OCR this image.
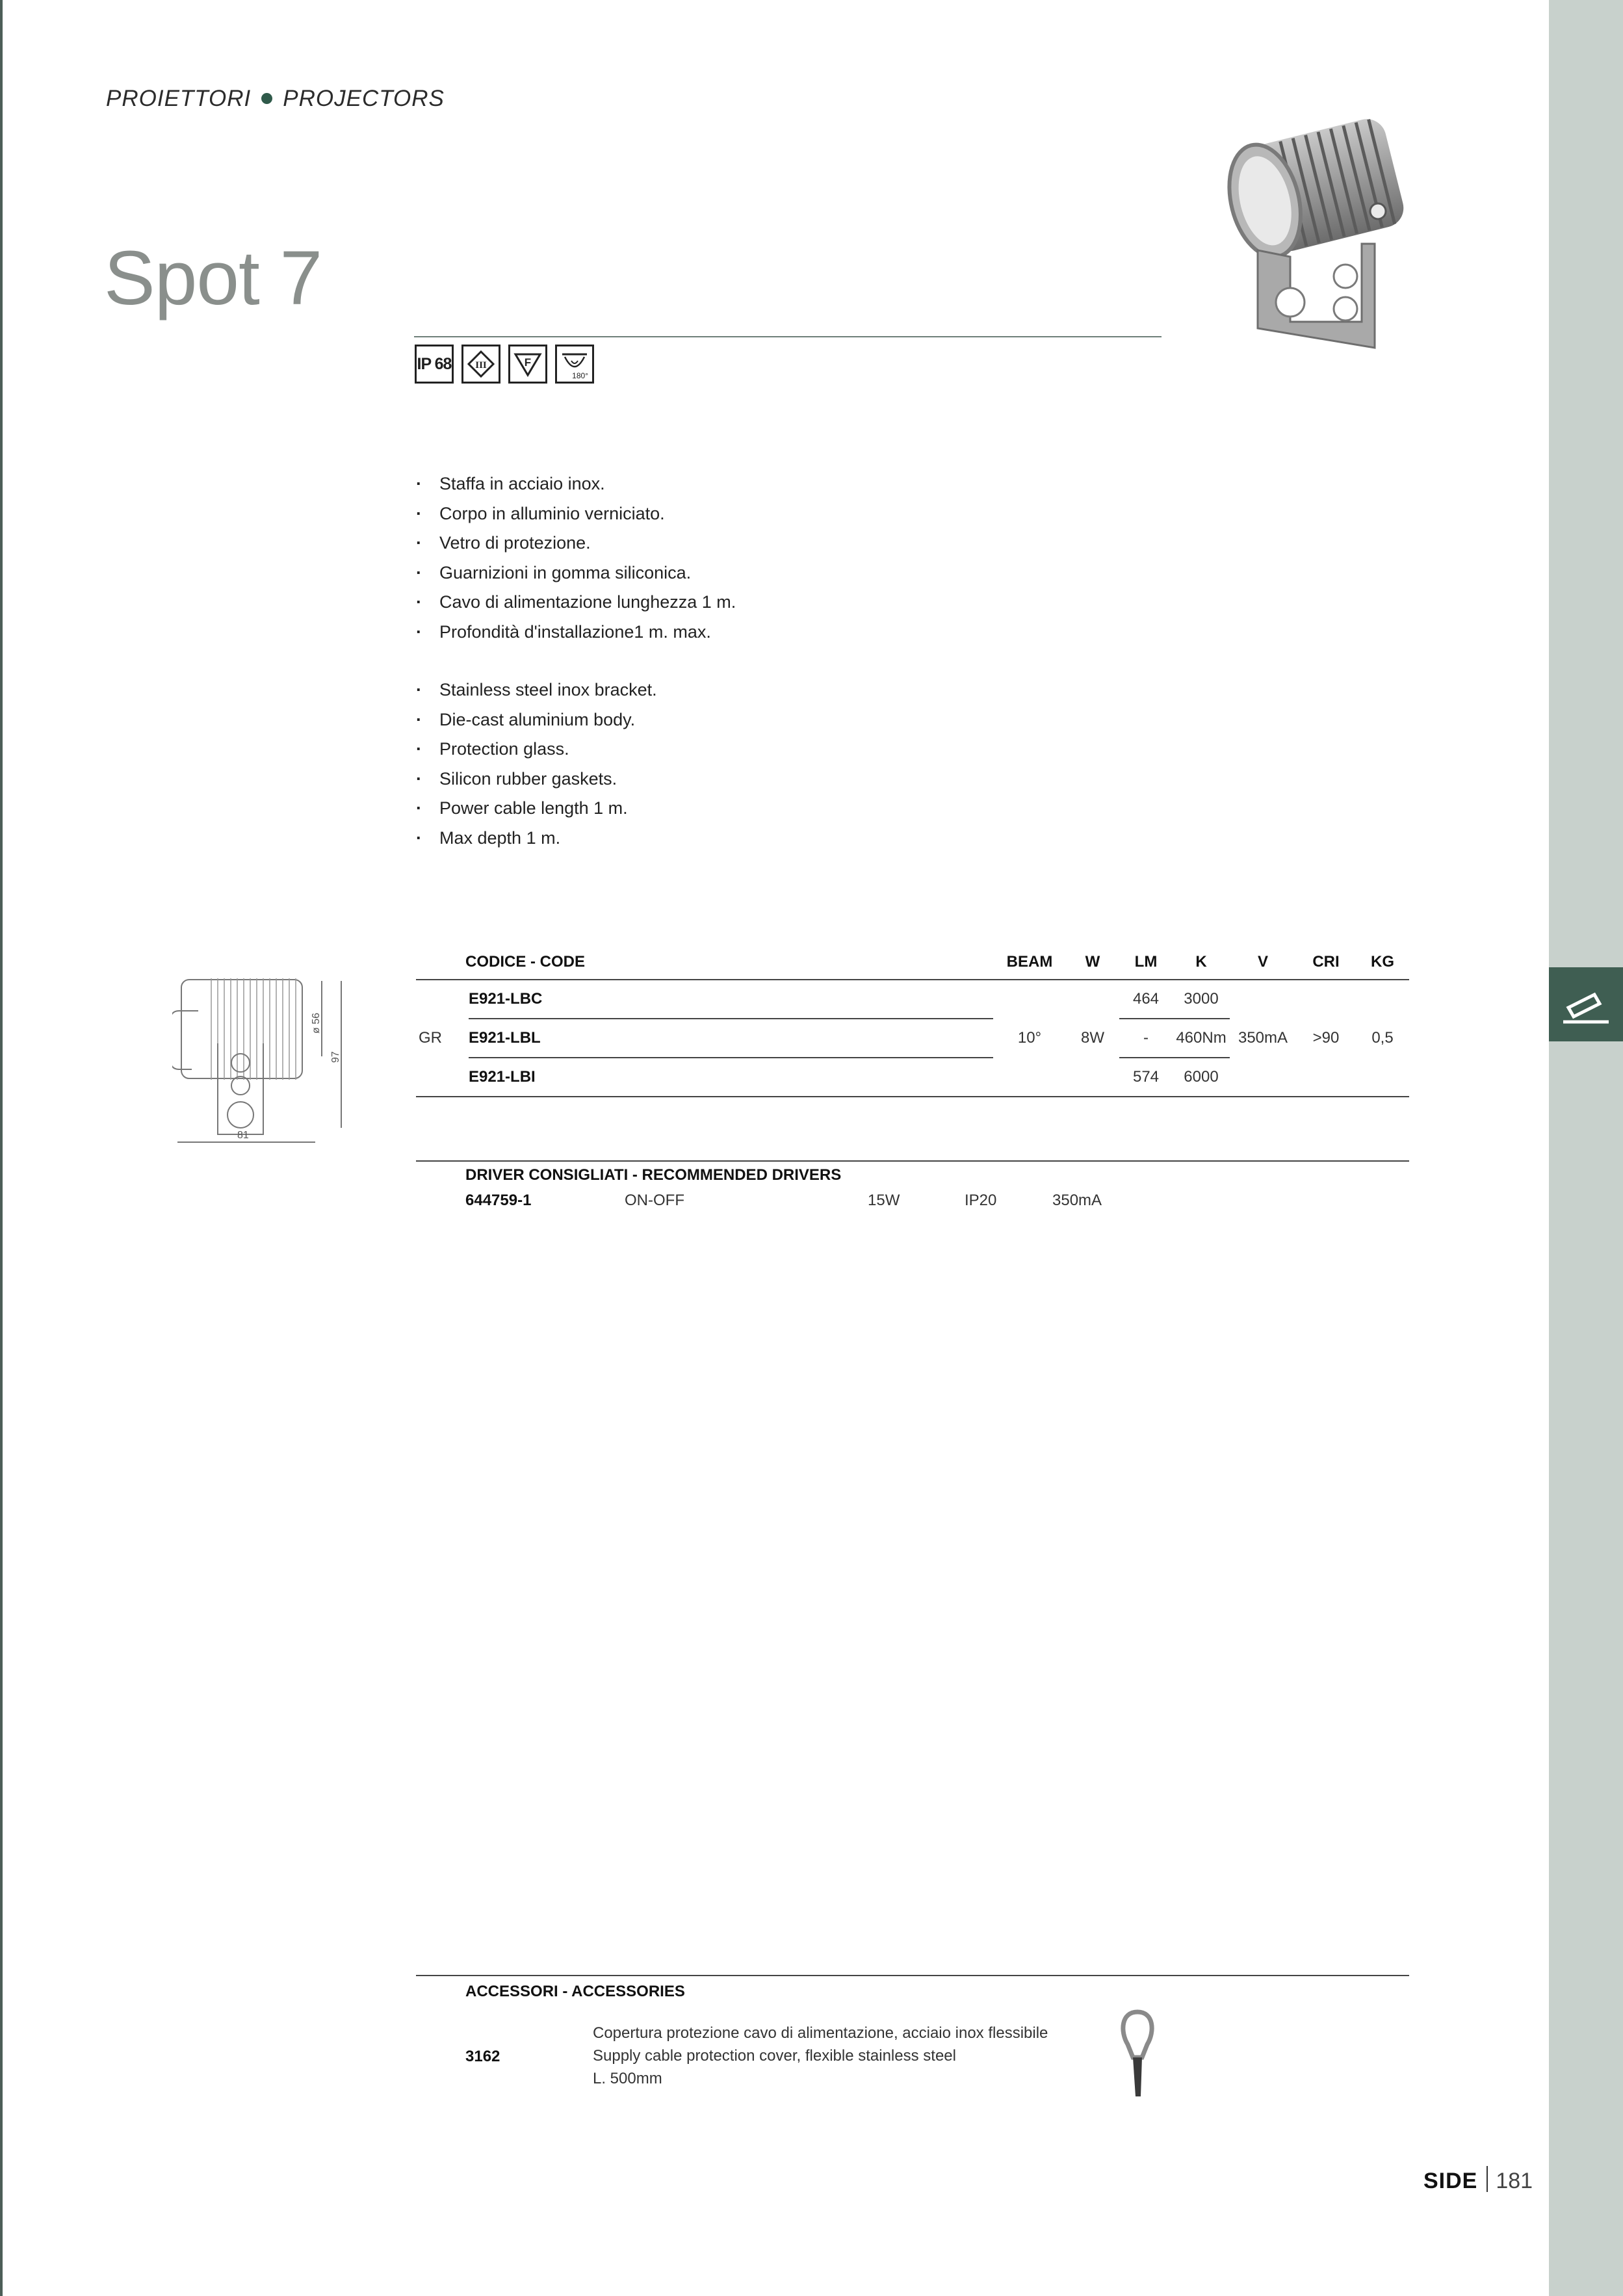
PROIETTORI PROJECTORS
Spot 7
IP 68 III	F
180°
· Staffa in acciaio inox.
· Corpo in alluminio verniciato.
· Vetro di protezione.
· Guarnizioni in gomma siliconica.
· Cavo di alimentazione lunghezza 1 m.
· Profondità d'installazione1 m. max.
· Stainless steel inox bracket.
· Die-cast aluminium body.
· Protection glass.
· Silicon rubber gaskets.
· Power cable length 1 m.
· Max depth 1 m.
ø 56
97
81
CODICE - CODE		BEAM	W	LM	K	V	CRI	KG
GR	E921-LBC	10°	8W	464	3000	350mA	>90	0,5
	E921-LBL			-	460Nm			
	E921-LBI			574	6000			
DRIVER CONSIGLIATI - RECOMMENDED DRIVERS
644759-1	ON-OFF	15W	IP20	350mA
ACCESSORI - ACCESSORIES
3162
Copertura protezione cavo di alimentazione, acciaio inox flessibile
Supply cable protection cover, flexible stainless steel
L. 500mm
SIDE 181
